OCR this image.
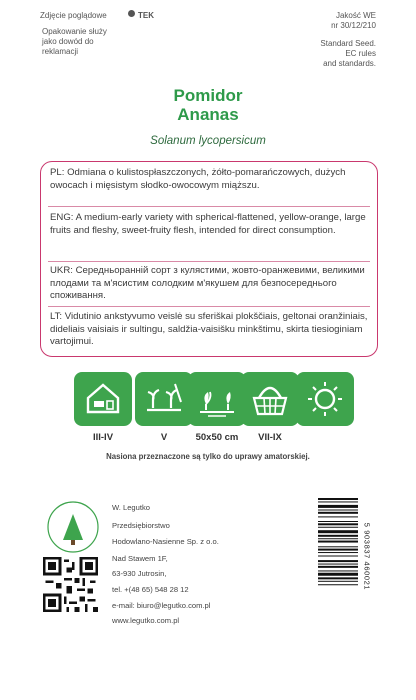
Zdjęcie poglądowe	TEK
Opakowanie służy jako dowód do reklamacji
Jakość WE
nr 30/12/210
Standard Seed.
EC rules
and standards.
Pomidor
Ananas
Solanum lycopersicum
PL: Odmiana o kulistospłaszczonych, żółto-pomarańczowych, dużych owocach i mięsistym słodko-owocowym miąższu.
ENG: A medium-early variety with spherical-flattened, yellow-orange, large fruits and fleshy, sweet-fruity flesh, intended for direct consumption.
UKR: Середньоранній сорт з кулястими, жовто-оранжевими, великими плодами та м'ясистим солодким м'якушем для безпосереднього споживання.
LT: Vidutinio ankstyvumo veislė su sferiškai plokščiais, geltonai oranžiniais, dideliais vaisiais ir sultingu, saldžia-vaisišku minkštimu, skirta tiesioginiam vartojimui.
III-IV	V	50x50 cm	VII-IX
Nasiona przeznaczone są tylko do uprawy amatorskiej.
W. Legutko
Przedsiębiorstwo
Hodowlano-Nasienne Sp. z o.o.
Nad Stawem 1F,
63-930 Jutrosin,
tel. +(48 65) 548 28 12
e-mail: biuro@legutko.com.pl
www.legutko.com.pl
5 903837 460021
